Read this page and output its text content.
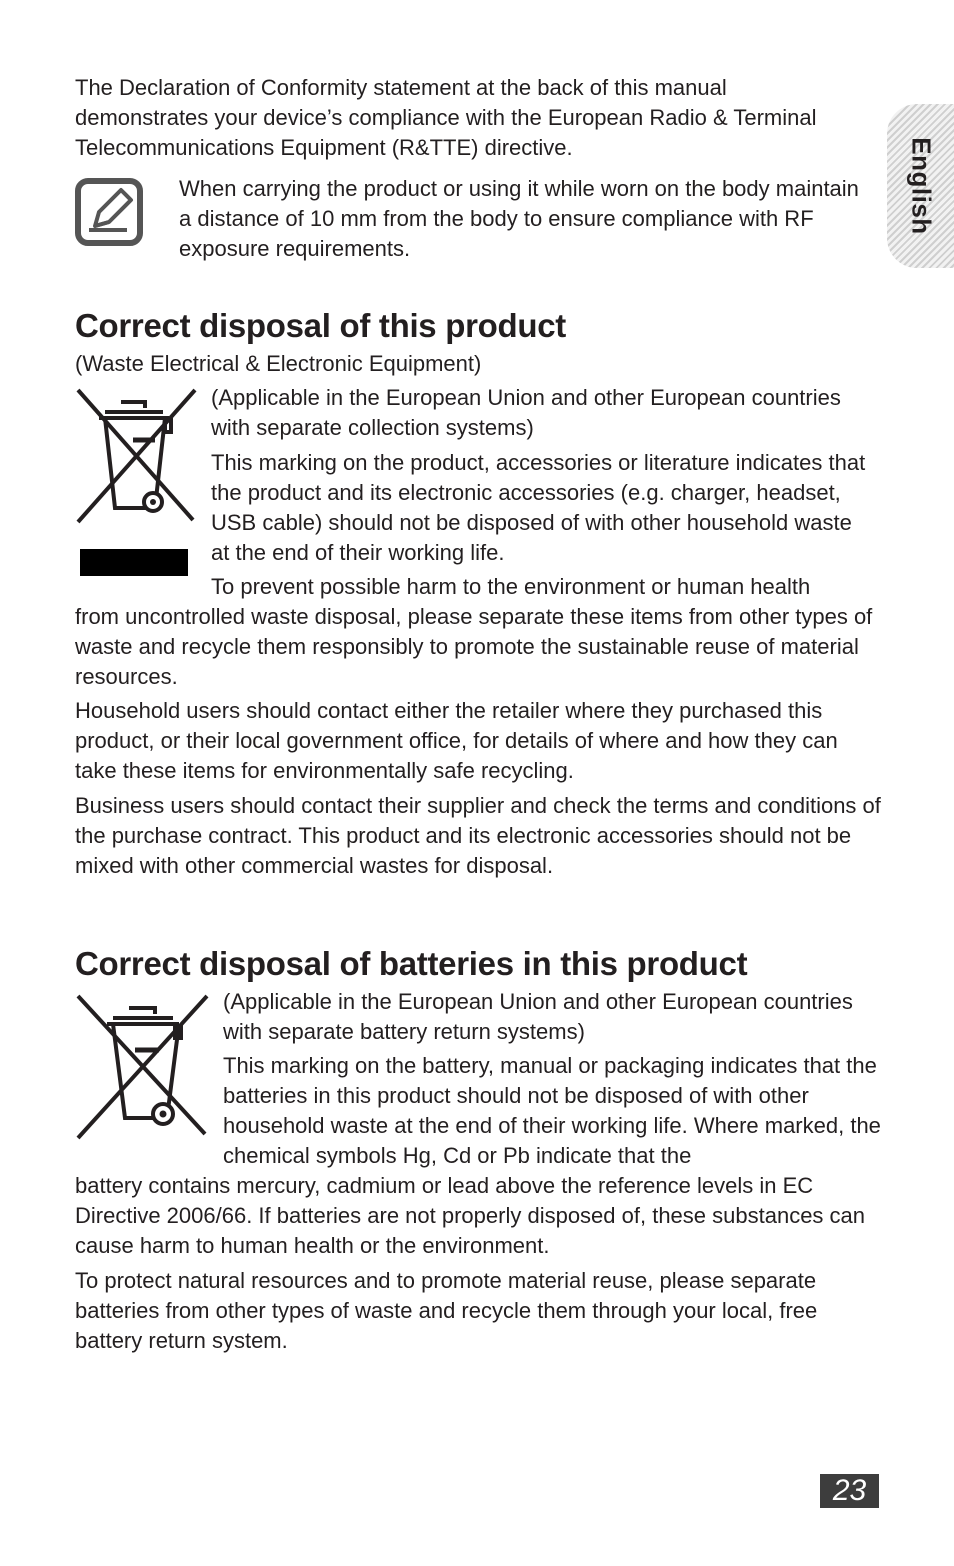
English

The Declaration of Conformity statement at the back of this manual demonstrates your device’s compliance with the European Radio & Terminal Telecommunications Equipment (R&TTE) directive.

When carrying the product or using it while worn on the body maintain a distance of 10 mm from the body to ensure compliance with RF exposure requirements.

Correct disposal of this product

(Waste Electrical & Electronic Equipment)

(Applicable in the European Union and other European countries with separate collection systems)

This marking on the product, accessories or literature indicates that the product and its electronic accessories (e.g. charger, headset, USB cable) should not be disposed of with other household waste at the end of their working life.

To prevent possible harm to the environment or human health

from uncontrolled waste disposal, please separate these items from other types of waste and recycle them responsibly to promote the sustainable reuse of material resources.

Household users should contact either the retailer where they purchased this product, or their local government office, for details of where and how they can take these items for environmentally safe recycling.

Business users should contact their supplier and check the terms and conditions of the purchase contract. This product and its electronic accessories should not be mixed with other commercial wastes for disposal.

Correct disposal of batteries in this product

(Applicable in the European Union and other European countries with separate battery return systems)

This marking on the battery, manual or packaging indicates that the batteries in this product should not be disposed of with other household waste at the end of their working life. Where marked, the chemical symbols Hg, Cd or Pb indicate that the

battery contains mercury, cadmium or lead above the reference levels in EC Directive 2006/66. If batteries are not properly disposed of, these substances can cause harm to human health or the environment.

To protect natural resources and to promote material reuse, please separate batteries from other types of waste and recycle them through your local, free battery return system.

23
